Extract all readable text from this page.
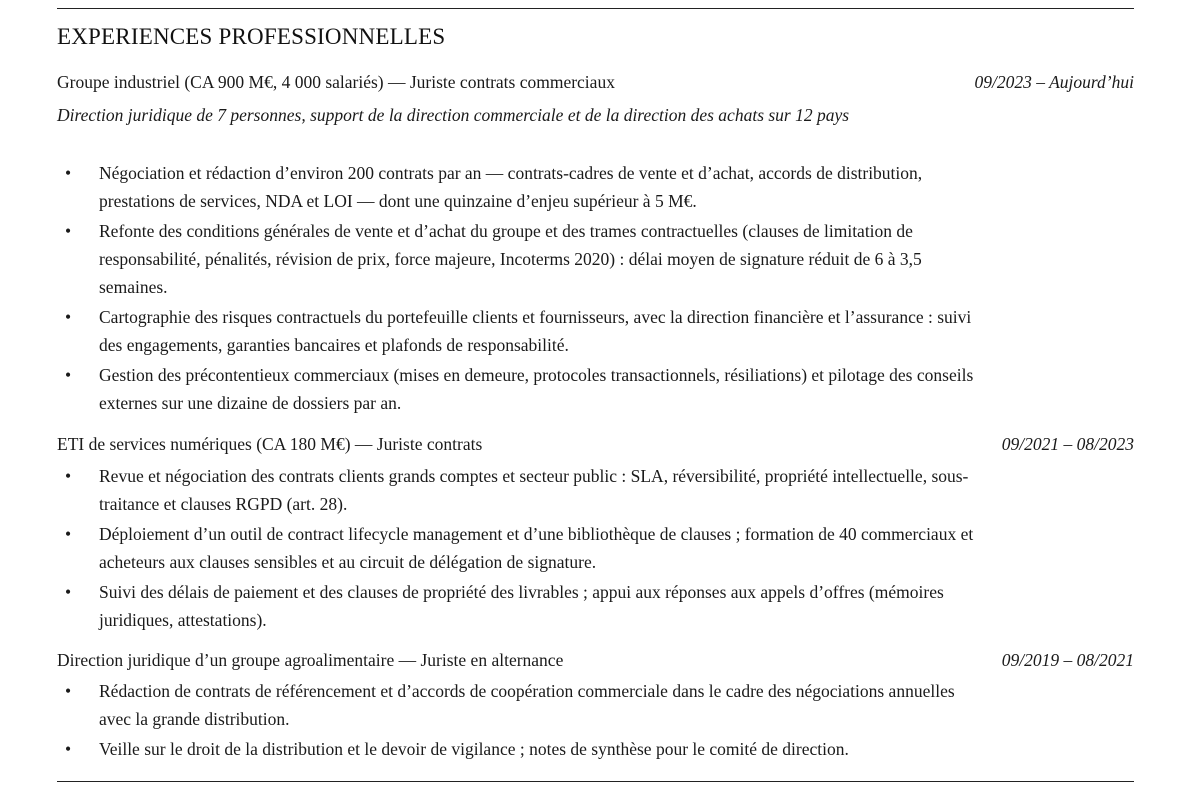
EXPERIENCES PROFESSIONNELLES
Groupe industriel (CA 900 M€, 4 000 salariés) — Juriste contrats commerciaux	09/2023 – Aujourd’hui
Direction juridique de 7 personnes, support de la direction commerciale et de la direction des achats sur 12 pays
• Négociation et rédaction d’environ 200 contrats par an — contrats-cadres de vente et d’achat, accords de distribution, prestations de services, NDA et LOI — dont une quinzaine d’enjeu supérieur à 5 M€.
• Refonte des conditions générales de vente et d’achat du groupe et des trames contractuelles (clauses de limitation de responsabilité, pénalités, révision de prix, force majeure, Incoterms 2020) : délai moyen de signature réduit de 6 à 3,5 semaines.
• Cartographie des risques contractuels du portefeuille clients et fournisseurs, avec la direction financière et l’assurance : suivi des engagements, garanties bancaires et plafonds de responsabilité.
• Gestion des précontentieux commerciaux (mises en demeure, protocoles transactionnels, résiliations) et pilotage des conseils externes sur une dizaine de dossiers par an.
ETI de services numériques (CA 180 M€) — Juriste contrats	09/2021 – 08/2023
• Revue et négociation des contrats clients grands comptes et secteur public : SLA, réversibilité, propriété intellectuelle, sous-traitance et clauses RGPD (art. 28).
• Déploiement d’un outil de contract lifecycle management et d’une bibliothèque de clauses ; formation de 40 commerciaux et acheteurs aux clauses sensibles et au circuit de délégation de signature.
• Suivi des délais de paiement et des clauses de propriété des livrables ; appui aux réponses aux appels d’offres (mémoires juridiques, attestations).
Direction juridique d’un groupe agroalimentaire — Juriste en alternance	09/2019 – 08/2021
• Rédaction de contrats de référencement et d’accords de coopération commerciale dans le cadre des négociations annuelles avec la grande distribution.
• Veille sur le droit de la distribution et le devoir de vigilance ; notes de synthèse pour le comité de direction.
